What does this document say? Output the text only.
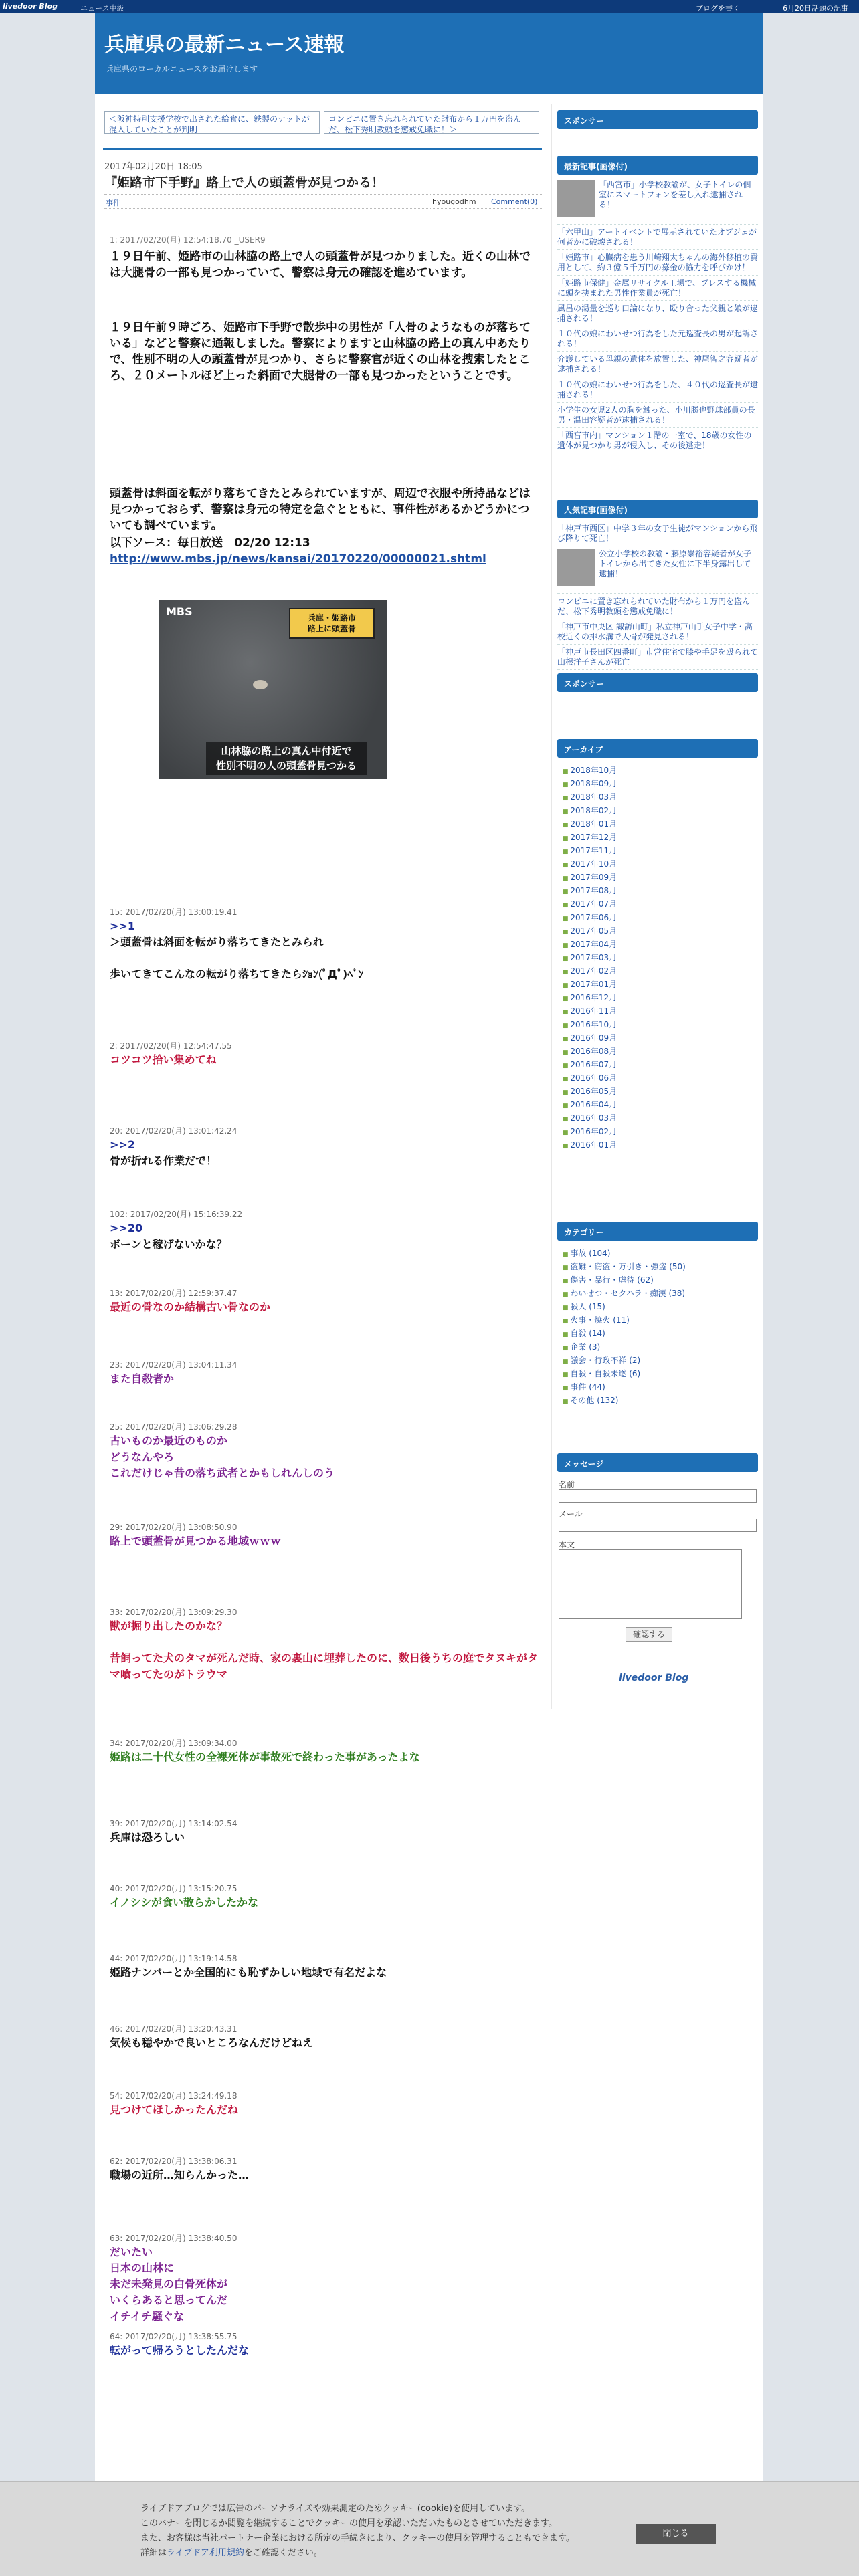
livedoor Blog	ニュース中級	ブログを書く	6月20日話題の記事
兵庫県の最新ニュース速報
兵庫県のローカルニュースをお届けします
＜阪神特別支援学校で出された給食に、鉄製のナットが混入していたことが判明
コンビニに置き忘れられていた財布から１万円を盗んだ、松下秀明教頭を懲戒免職に！＞
2017年02月20日 18:05
『姫路市下手野』路上で人の頭蓋骨が見つかる！
事件	hyougodhm Comment(0)
1: 2017/02/20(月) 12:54:18.70 _USER9
１９日午前、姫路市の山林脇の路上で人の頭蓋骨が見つかりました。近くの山林では大腿骨の一部も見つかっていて、警察は身元の確認を進めています。
１９日午前９時ごろ、姫路市下手野で散歩中の男性が「人骨のようなものが落ちている」などと警察に通報しました。警察によりますと山林脇の路上の真ん中あたりで、性別不明の人の頭蓋骨が見つかり、さらに警察官が近くの山林を捜索したところ、２０メートルほど上った斜面で大腿骨の一部も見つかったということです。
頭蓋骨は斜面を転がり落ちてきたとみられていますが、周辺で衣服や所持品などは見つかっておらず、警察は身元の特定を急ぐとともに、事件性があるかどうかについても調べています。
以下ソース：毎日放送　02/20 12:13
http://www.mbs.jp/news/kansai/20170220/00000021.shtml
MBS	兵庫・姫路市
路上に頭蓋骨
山林脇の路上の真ん中付近で
性別不明の人の頭蓋骨見つかる
15: 2017/02/20(月) 13:00:19.41
>>1
＞頭蓋骨は斜面を転がり落ちてきたとみられ
歩いてきてこんなの転がり落ちてきたらｼｮﾝ(ﾟДﾟ)ﾍﾞﾝ
2: 2017/02/20(月) 12:54:47.55
コツコツ拾い集めてね
20: 2017/02/20(月) 13:01:42.24
>>2
骨が折れる作業だで！
102: 2017/02/20(月) 15:16:39.22
>>20
ボーンと稼げないかな？
13: 2017/02/20(月) 12:59:37.47
最近の骨なのか結構古い骨なのか
23: 2017/02/20(月) 13:04:11.34
また自殺者か
25: 2017/02/20(月) 13:06:29.28
古いものか最近のものか
どうなんやろ
これだけじゃ昔の落ち武者とかもしれんしのう
29: 2017/02/20(月) 13:08:50.90
路上で頭蓋骨が見つかる地域ｗｗｗ
33: 2017/02/20(月) 13:09:29.30
獣が掘り出したのかな？
昔飼ってた犬のタマが死んだ時、家の裏山に埋葬したのに、数日後うちの庭でタヌキがタマ喰ってたのがトラウマ
34: 2017/02/20(月) 13:09:34.00
姫路は二十代女性の全裸死体が事故死で終わった事があったよな
39: 2017/02/20(月) 13:14:02.54
兵庫は恐ろしい
40: 2017/02/20(月) 13:15:20.75
イノシシが食い散らかしたかな
44: 2017/02/20(月) 13:19:14.58
姫路ナンバーとか全国的にも恥ずかしい地域で有名だよな
46: 2017/02/20(月) 13:20:43.31
気候も穏やかで良いところなんだけどねえ
54: 2017/02/20(月) 13:24:49.18
見つけてほしかったんだね
62: 2017/02/20(月) 13:38:06.31
職場の近所…知らんかった…
63: 2017/02/20(月) 13:38:40.50
だいたい
日本の山林に
未だ未発見の白骨死体が
いくらあると思ってんだ
イチイチ騒ぐな
64: 2017/02/20(月) 13:38:55.75
転がって帰ろうとしたんだな
スポンサー
最新記事(画像付)
「西宮市」小学校教諭が、女子トイレの個室にスマートフォンを差し入れ逮捕される！
「六甲山」アートイベントで展示されていたオブジェが何者かに破壊される！
「姫路市」心臓病を患う川崎翔太ちゃんの海外移植の費用として、約３億５千万円の募金の協力を呼びかけ！
「姫路市保健」金属リサイクル工場で、プレスする機械に頭を挟まれた男性作業員が死亡！
風呂の湯量を巡り口論になり、殴り合った父親と娘が逮捕される！
１０代の娘にわいせつ行為をした元巡査長の男が起訴される！
介護している母親の遺体を放置した、神尾智之容疑者が逮捕される！
１０代の娘にわいせつ行為をした、４０代の巡査長が逮捕される！
小学生の女児2人の胸を触った、小川勝也野球部員の長男・温田容疑者が逮捕される！
「西宮市内」マンション１階の一室で、18歳の女性の遺体が見つかり男が侵入し、その後逃走！
人気記事(画像付)
「神戸市西区」中学３年の女子生徒がマンションから飛び降りて死亡！
公立小学校の教諭・藤原崇裕容疑者が女子トイレから出てきた女性に下半身露出して逮捕！
コンビニに置き忘れられていた財布から１万円を盗んだ、松下秀明教頭を懲戒免職に！
「神戸市中央区 諏訪山町」私立神戸山手女子中学・高校近くの排水溝で人骨が発見される！
「神戸市長田区四番町」市営住宅で膝や手足を殴られて山根洋子さんが死亡
スポンサー
アーカイブ
■ 2018年10月
■ 2018年09月
■ 2018年03月
■ 2018年02月
■ 2018年01月
■ 2017年12月
■ 2017年11月
■ 2017年10月
■ 2017年09月
■ 2017年08月
■ 2017年07月
■ 2017年06月
■ 2017年05月
■ 2017年04月
■ 2017年03月
■ 2017年02月
■ 2017年01月
■ 2016年12月
■ 2016年11月
■ 2016年10月
■ 2016年09月
■ 2016年08月
■ 2016年07月
■ 2016年06月
■ 2016年05月
■ 2016年04月
■ 2016年03月
■ 2016年02月
■ 2016年01月
カテゴリー
■ 事故 (104)
■ 盗難・窃盗・万引き・強盗 (50)
■ 傷害・暴行・虐待 (62)
■ わいせつ・セクハラ・痴漢 (38)
■ 殺人 (15)
■ 火事・焼火 (11)
■ 自殺 (14)
■ 企業 (3)
■ 議会・行政不祥 (2)
■ 自殺・自殺未遂 (6)
■ 事件 (44)
■ その他 (132)
メッセージ
名前
メール
本文
確認する
livedoor Blog
ライブドアブログでは広告のパーソナライズや効果測定のためクッキー(cookie)を使用しています。
このバナーを閉じるか閲覧を継続することでクッキーの使用を承認いただいたものとさせていただきます。
また、お客様は当社パートナー企業における所定の手続きにより、クッキーの使用を管理することもできます。
詳細はライブドア利用規約をご確認ください。
閉じる
